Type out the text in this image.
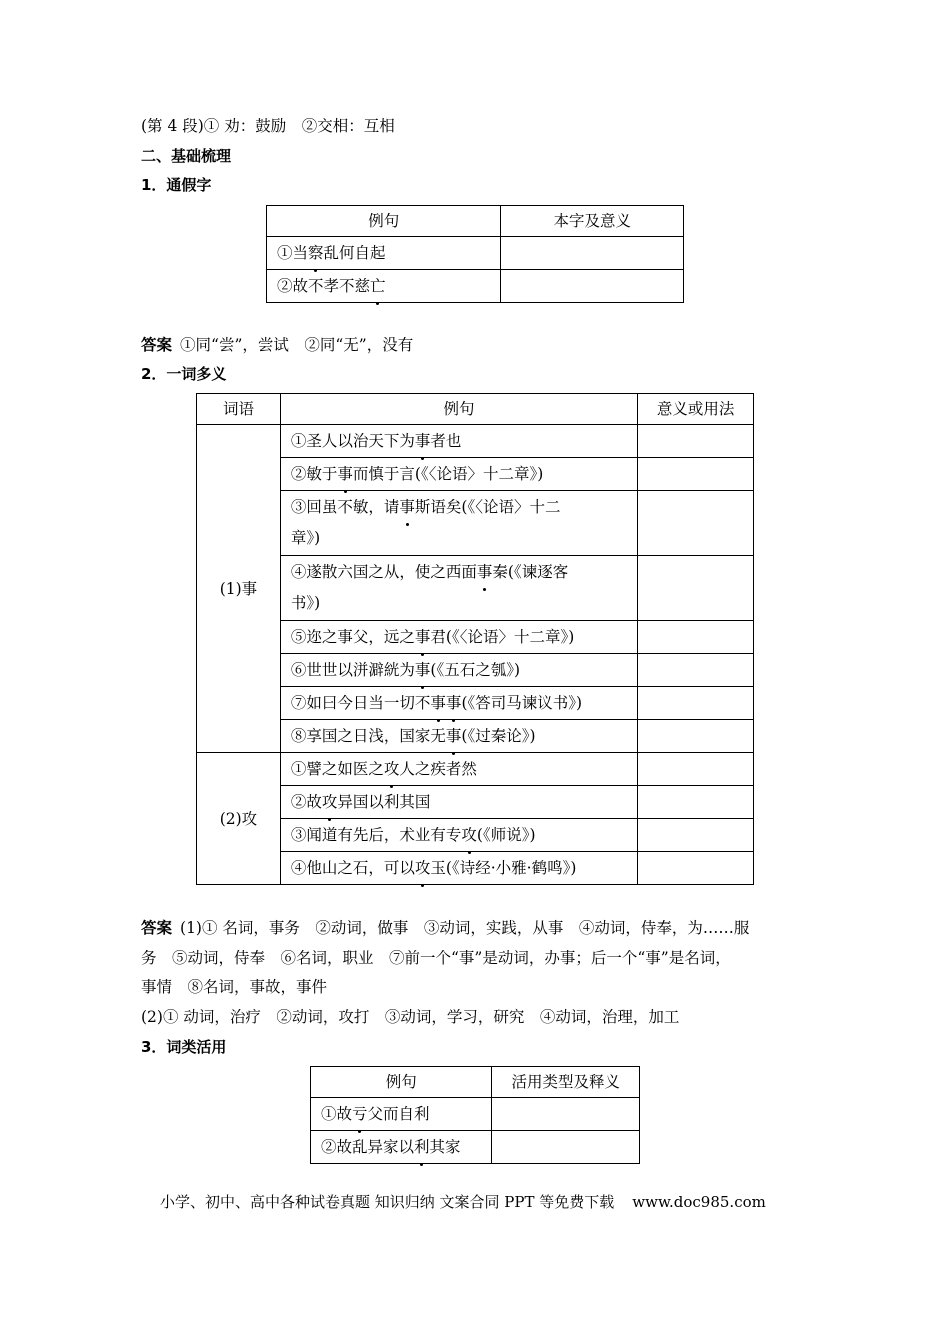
(第 4 段)① 劝：鼓励　②交相：互相
二、基础梳理
1．通假字
例句	本字及意义
①当察乱何自起	
②故不孝不慈亡	
答案 ①同“尝”，尝试　②同“无”，没有
2．一词多义
词语	例句	意义或用法
(1)事	①圣人以治天下为事者也	
	②敏于事而慎于言(《〈论语〉十二章》)	
	③回虽不敏，请事斯语矣(《〈论语〉十二
章》)	
	④遂散六国之从，使之西面事秦(《谏逐客
书》)	
	⑤迩之事父，远之事君(《〈论语〉十二章》)	
	⑥世世以洴澼絖为事(《五石之瓠》)	
	⑦如曰今日当一切不事事(《答司马谏议书》)	
	⑧享国之日浅，国家无事(《过秦论》)	
(2)攻	①譬之如医之攻人之疾者然	
	②故攻异国以利其国	
	③闻道有先后，术业有专攻(《师说》)	
	④他山之石，可以攻玉(《诗经·小雅·鹤鸣》)	
答案 (1)① 名词，事务　②动词，做事　③动词，实践，从事　④动词，侍奉，为……服
务　⑤动词，侍奉　⑥名词，职业　⑦前一个“事”是动词，办事；后一个“事”是名词，
事情　⑧名词，事故，事件
(2)① 动词，治疗　②动词，攻打　③动词，学习，研究　④动词，治理，加工
3．词类活用
例句	活用类型及释义
①故亏父而自利	
②故乱异家以利其家	
小学、初中、高中各种试卷真题 知识归纳 文案合同 PPT 等免费下载 www.doc985.com
